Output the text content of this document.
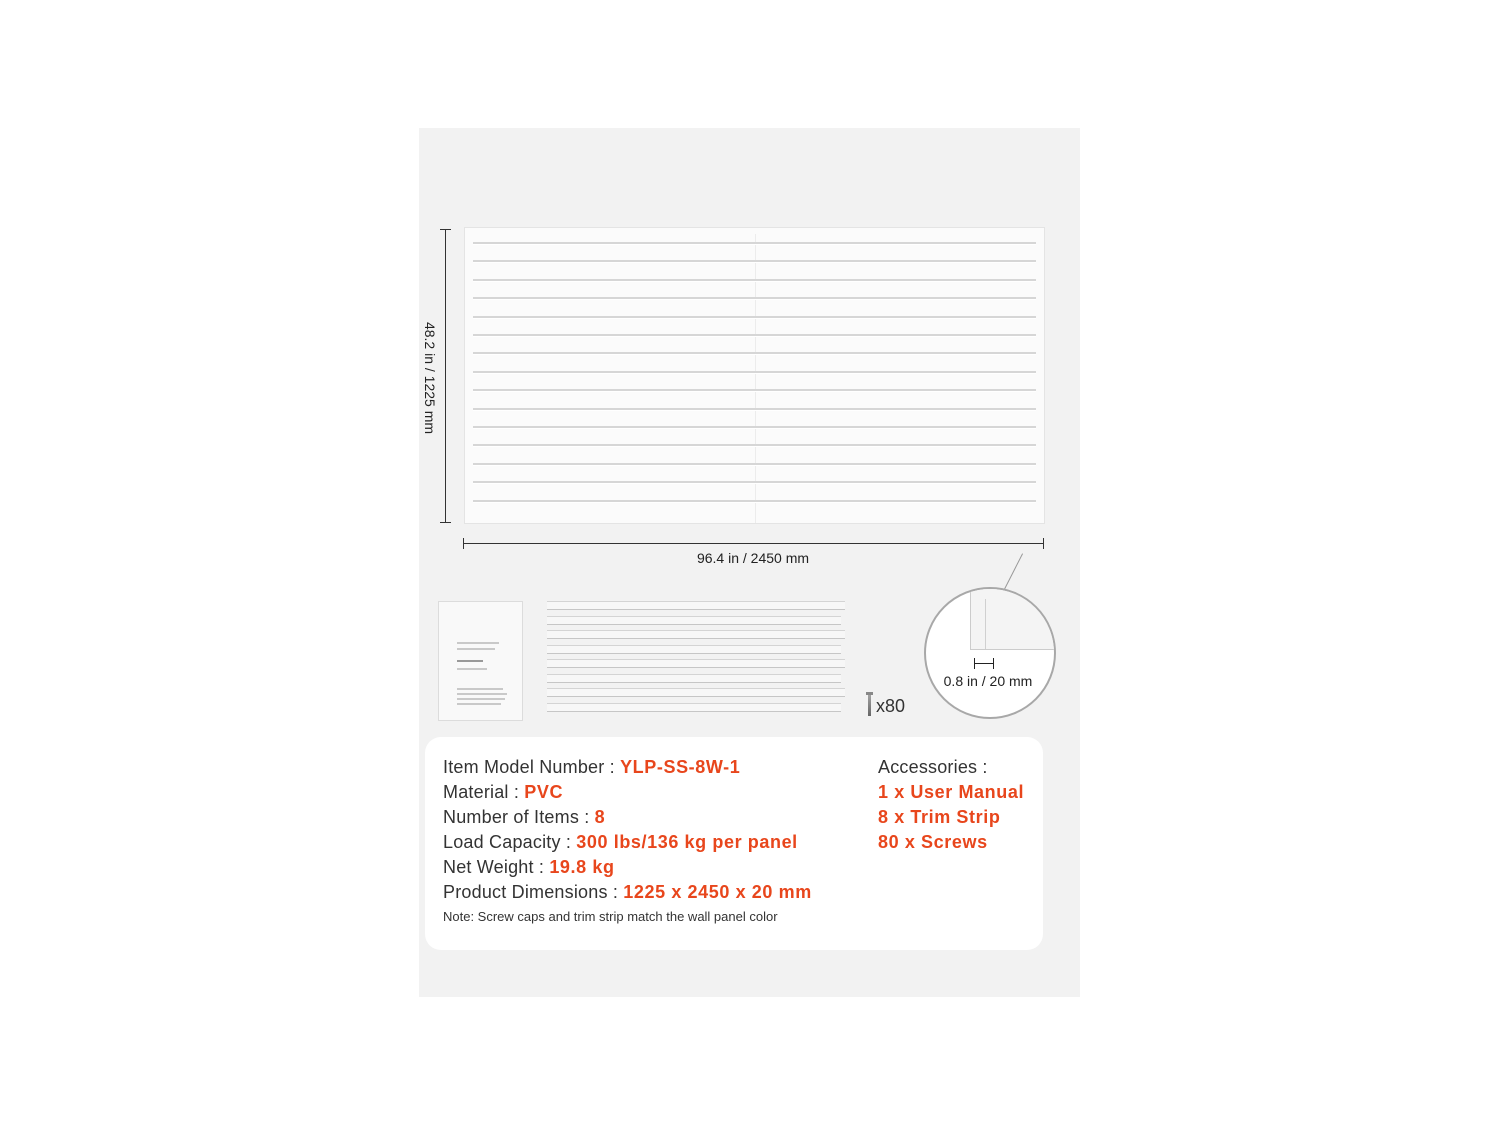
48.2 in / 1225 mm
96.4 in / 2450 mm
0.8 in / 20 mm
x80
Item Model Number : YLP-SS-8W-1
Material : PVC
Number of Items : 8
Load Capacity : 300 lbs/136 kg per panel
Net Weight : 19.8 kg
Product Dimensions : 1225 x 2450 x 20 mm
Note: Screw caps and trim strip match the wall panel color
Accessories :
1 x User Manual
8 x Trim Strip
80 x Screws
